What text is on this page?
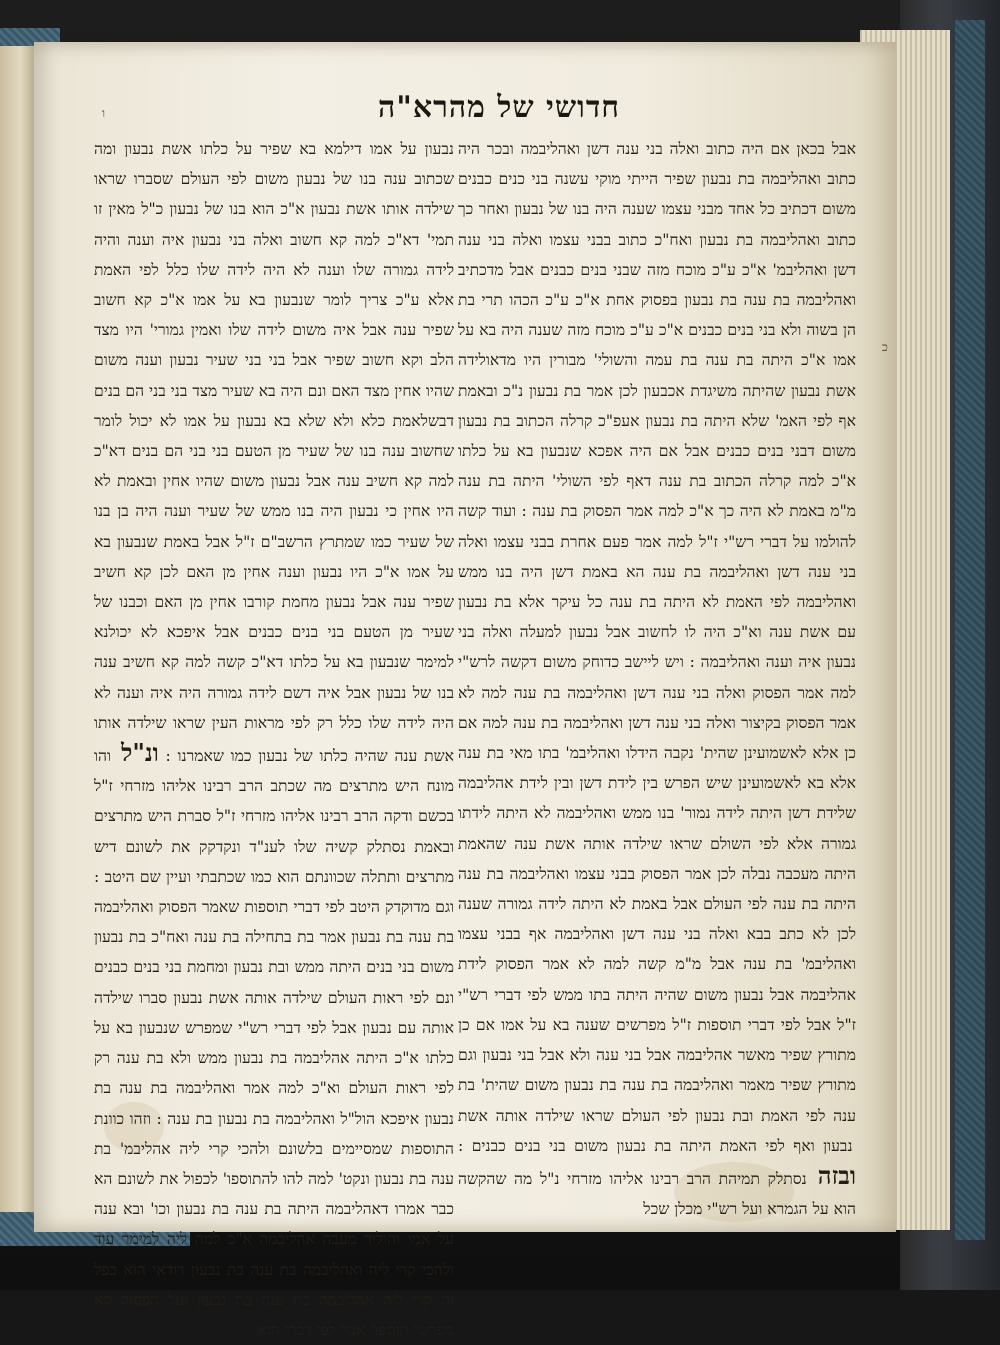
ו
כ
חדושי של מהרא"ה
אבל בכאן אם היה כתוב ואלה בני ענה דשן ואהליבמה ובכר היה כתוב ואהליבמה בת נבעון שפיר הייתי מוקי עשנה בני כנים כבנים משום דכתיב כל אחד מבני עצמו שענה היה בנו של נבעון ואחר כך כתוב ואהליבמה בת נבעון ואח"כ כתוב בבני עצמו ואלה בני ענה דשן ואהליבמ' א"כ ע"כ מוכח מזה שבני בנים כבנים אבל מדכתיב ואהליבמה בת ענה בת נבעון בפסוק אחת א"כ ע"כ הכהו תרי בת הן בשוה ולא בני בנים כבנים א"כ ע"כ מוכח מזה שענה היה בא על אמו א"כ היתה בת ענה בת עמה והשולי' מבורין היו מדאולידה אשת נבעון שהיתה משיגדת אכבעון לכן אמר בת נבעון נ"כ ובאמת אף לפי האמ' שלא היתה בת נבעון אעפ"כ קרלה הכתוב בת נבעון משום דבני בנים כבנים אבל אם היה אפכא שנבעון בא על כלתו א"כ למה קרלה הכתוב בת ענה דאף לפי השולי' היתה בת ענה מ"מ באמת לא היה כך א"כ למה אמר הפסוק בת ענה : ועוד קשה להולמו על דברי רש"י ז"ל למה אמר פעם אחרת בבני עצמו ואלה בני ענה דשן ואהליבמה בת ענה הא באמת דשן היה בנו ממש ואהליבמה לפי האמת לא היתה בת ענה כל עיקר אלא בת נבעון עם אשת ענה וא"כ היה לו לחשוב אבל נבעון למעלה ואלה בני נבעון איה וענה ואהליבמה : ויש ליישב כדוחק משום דקשה לרש"י למה אמר הפסוק ואלה בני ענה דשן ואהליבמה בת ענה למה לא אמר הפסוק בקיצור ואלה בני ענה דשן ואהליבמה בת ענה למה אם כן אלא לאשמועינן שהית' נקבה הידלו ואהליבמ' בתו מאי בת ענה אלא בא לאשמועינן שיש הפרש בין לידת דשן ובין לידת אהליבמה שלידת דשן היתה לידה נמור' בנו ממש ואהליבמה לא היתה לידתו גמורה אלא לפי השולם שראו שילדה אותה אשת ענה שהאמת היתה מעכבה נבלה לכן אמר הפסוק בבני עצמו ואהליבמה בת ענה היתה בת ענה לפי העולם אבל באמת לא היתה לידה גמורה שענה לכן לא כתב בבא ואלה בני ענה דשן ואהליבמה אף בבני עצמו ואהליבמ' בת ענה אבל מ"מ קשה למה לא אמר הפסוק לידת אהליבמה אבל נבעון משום שהיה היתה בתו ממש לפי דברי רש"י ז"ל אבל לפי דברי תוספות ז"ל מפרשים שענה בא על אמו אם כן מתורץ שפיר מאשר אהליבמה אבל בני ענה ולא אבל בני נבעון וגם מתורץ שפיר מאמר ואהליבמה בת ענה בת נבעון משום שהית' בת ענה לפי האמת ובת נבעון לפי העולם שראו שילדה אותה אשת נבעון ואף לפי האמת היתה בת נבעון משום בני בנים כבנים : ובזה נסתלק תמיהת הרב רבינו אליהו מזרחי נ"ל מה שהקשה הוא על הגמרא ועל רש"י מכלן שכל
נבעון על אמו דילמא בא שפיר על כלתו אשת נבעון ומה שכתוב ענה בנו של נבעון משום לפי העולם שסברו שראו שילדה אותו אשת נבעון א"כ הוא בנו של נבעון כ"ל מאין זו תמי' דא"כ למה קא חשוב ואלה בני נבעון איה וענה והיה לידה גמורה שלו וענה לא היה לידה שלו כלל לפי האמת אלא ע"כ צריך לומר שנבעון בא על אמו א"כ קא חשוב שפיר ענה אבל איה משום לידה שלו ואמין גמורי' היו מצד הלב וקא חשוב שפיר אבל בני בני שעיר נבעון וענה משום שהיו אחין מצד האם ונם היה בא שעיר מצד בני בני הם בנים דבשלאמת כלא ולא שלא בא נבעון על אמו לא יכול לומר שחשוב ענה בנו של שעיר מן הטעם בני בני הם בנים דא"כ למה קא חשיב ענה אבל נבעון משום שהיו אחין ובאמת לא היו אחין כי נבעון היה בנו ממש של שעיר וענה היה בן בנו של שעיר כמו שמתרץ הרשב"ם ז"ל אבל באמת שנבעון בא על אמו א"כ היו נבעון וענה אחין מן האם לכן קא חשיב שפיר ענה אבל נבעון מחמת קורבו אחין מן האם וכבנו של שעיר מן הטעם בני בנים כבנים אבל איפכא לא יכולנא למימר שנבעון בא על כלתו דא"כ קשה למה קא חשיב ענה בנו של נבעון אבל איה דשם לידה גמורה היה איה וענה לא היה לידה שלו כלל רק לפי מראות העין שראו שילדה אותו אשת ענה שהיה כלתו של נבעון כמו שאמרנו : ונ"ל והו מונח היש מתרצים מה שכתב הרב רבינו אליהו מזרחי ז"ל בכשם ודקה הרב רבינו אליהו מזרחי ז"ל סברת היש מתרצים ובאמת נסתלק קשיה שלו לענ"ד ונקדקק את לשונם דיש מתרצים ותתלה שכוונתם הוא כמו שכתבתי ועיין שם היטב : וגם מדוקדק היטב לפי דברי תוספות שאמר הפסוק ואהליבמה בת ענה בת נבעון אמר בת בתחילה בת ענה ואח"כ בת נבעון משום בני בנים היתה ממש ובת נבעון ומחמת בני בנים כבנים ונם לפי ראות העולם שילדה אותה אשת נבעון סברו שילדה אותה עם נבעון אבל לפי דברי רש"י שמפרש שנבעון בא על כלתו א"כ היתה אהליבמה בת נבעון ממש ולא בת ענה רק לפי ראות העולם וא"כ למה אמר ואהליבמה בת ענה בת נבעון איפכא הול"ל ואהליבמה בת נבעון בת ענה : וזהו כוונת התוספות שמסיימים בלשונם ולהכי קרי ליה אהליבמ' בת ענה בת נבעון ונקט' למה להו להתוספו' לכפול את לשונם הא כבר אמרו דאהליבמה היתה בת ענה בת נבעון וכו' ובא ענה על אמו והוליד מעבה אהליבמה א"כ למה ליה למימר עוד ולהכי קרי ליה ואהליבמה בת ענה בת נבעון דודאי הוא כפל וה קרי ליה אהליבמה בת ענה בת נבעון ועל הפסוק קא מפרשי תוספו' אבל לפי דברי הוא
